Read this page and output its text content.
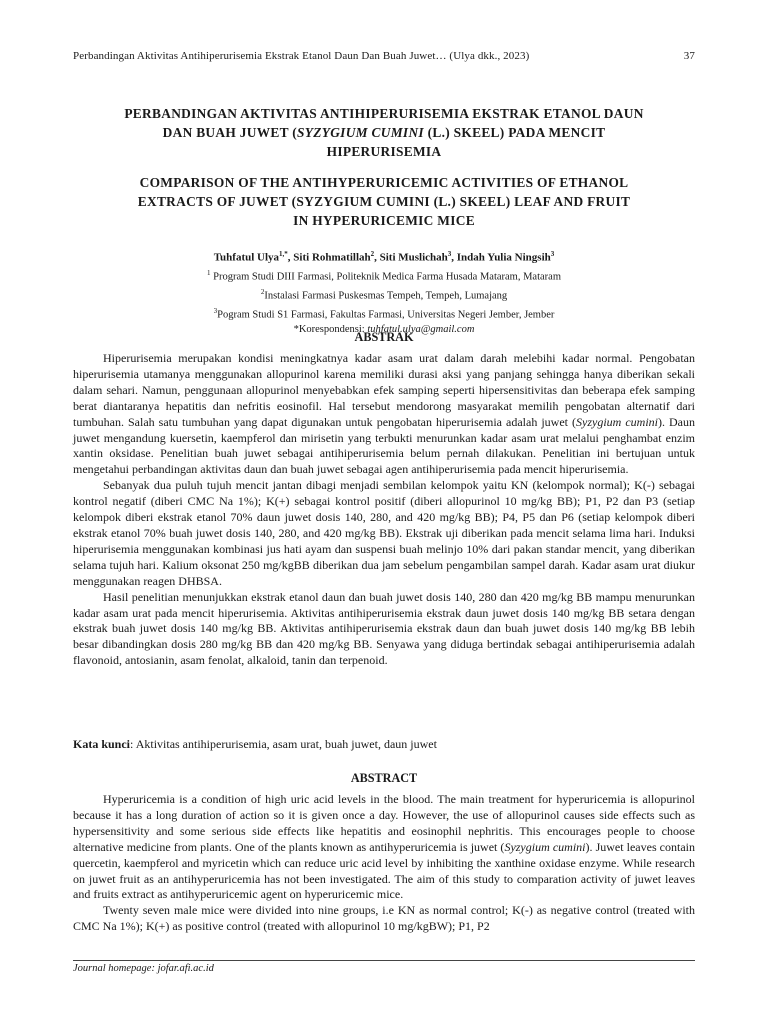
Perbandingan Aktivitas Antihiperurisemia Ekstrak Etanol Daun Dan Buah Juwet… (Ulya dkk., 2023)	37

PERBANDINGAN AKTIVITAS ANTIHIPERURISEMIA EKSTRAK ETANOL DAUN
DAN BUAH JUWET (SYZYGIUM CUMINI (L.) SKEEL) PADA MENCIT
HIPERURISEMIA

COMPARISON OF THE ANTIHYPERURICEMIC ACTIVITIES OF ETHANOL
EXTRACTS OF JUWET (SYZYGIUM CUMINI (L.) SKEEL) LEAF AND FRUIT
IN HYPERURICEMIC MICE

Tuhfatul Ulya$^{1,*}$, Siti Rohmatillah$^2$, Siti Muslichah$^3$, Indah Yulia Ningsih$^3$
$^1$ Program Studi DIII Farmasi, Politeknik Medica Farma Husada Mataram, Mataram
$^2$Instalasi Farmasi Puskesmas Tempeh, Tempeh, Lumajang
$^3$Pogram Studi S1 Farmasi, Fakultas Farmasi, Universitas Negeri Jember, Jember
*Korespondensi: tuhfatul.ulya@gmail.com

ABSTRAK

Hiperurisemia merupakan kondisi meningkatnya kadar asam urat dalam darah melebihi kadar normal. Pengobatan hiperurisemia utamanya menggunakan allopurinol karena memiliki durasi aksi yang panjang sehingga hanya diberikan sekali dalam sehari. Namun, penggunaan allopurinol menyebabkan efek samping seperti hipersensitivitas dan beberapa efek samping berat diantaranya hepatitis dan nefritis eosinofil. Hal tersebut mendorong masyarakat memilih pengobatan alternatif dari tumbuhan. Salah satu tumbuhan yang dapat digunakan untuk pengobatan hiperurisemia adalah juwet (Syzygium cumini). Daun juwet mengandung kuersetin, kaempferol dan mirisetin yang terbukti menurunkan kadar asam urat melalui penghambat enzim xantin oksidase. Penelitian buah juwet sebagai antihiperurisemia belum pernah dilakukan. Penelitian ini bertujuan untuk mengetahui perbandingan aktivitas daun dan buah juwet sebagai agen antihiperurisemia pada mencit hiperurisemia.

Sebanyak dua puluh tujuh mencit jantan dibagi menjadi sembilan kelompok yaitu KN (kelompok normal); K(-) sebagai kontrol negatif (diberi CMC Na 1%); K(+) sebagai kontrol positif (diberi allopurinol 10 mg/kg BB); P1, P2 dan P3 (setiap kelompok diberi ekstrak etanol 70% daun juwet dosis 140, 280, and 420 mg/kg BB); P4, P5 dan P6 (setiap kelompok diberi ekstrak etanol 70% buah juwet dosis 140, 280, and 420 mg/kg BB). Ekstrak uji diberikan pada mencit selama lima hari. Induksi hiperurisemia menggunakan kombinasi jus hati ayam dan suspensi buah melinjo 10% dari pakan standar mencit, yang diberikan selama tujuh hari. Kalium oksonat 250 mg/kgBB diberikan dua jam sebelum pengambilan sampel darah. Kadar asam urat diukur menggunakan reagen DHBSA.

Hasil penelitian menunjukkan ekstrak etanol daun dan buah juwet dosis 140, 280 dan 420 mg/kg BB mampu menurunkan kadar asam urat pada mencit hiperurisemia. Aktivitas antihiperurisemia ekstrak daun juwet dosis 140 mg/kg BB setara dengan ekstrak buah juwet dosis 140 mg/kg BB. Aktivitas antihiperurisemia ekstrak daun dan buah juwet dosis 140 mg/kg BB lebih besar dibandingkan dosis 280 mg/kg BB dan 420 mg/kg BB. Senyawa yang diduga bertindak sebagai antihiperurisemia adalah flavonoid, antosianin, asam fenolat, alkaloid, tanin dan terpenoid.

Kata kunci: Aktivitas antihiperurisemia, asam urat, buah juwet, daun juwet

ABSTRACT

Hyperuricemia is a condition of high uric acid levels in the blood. The main treatment for hyperuricemia is allopurinol because it has a long duration of action so it is given once a day. However, the use of allopurinol causes side effects such as hypersensitivity and some serious side effects like hepatitis and eosinophil nephritis. This encourages people to choose alternative medicine from plants. One of the plants known as antihyperuricemia is juwet (Syzygium cumini). Juwet leaves contain quercetin, kaempferol and myricetin which can reduce uric acid level by inhibiting the xanthine oxidase enzyme. While research on juwet fruit as an antihyperuricemia has not been investigated. The aim of this study to comparation activity of juwet leaves and fruits extract as antihyperuricemic agent on hyperuricemic mice.

Twenty seven male mice were divided into nine groups, i.e KN as normal control; K(-) as negative control (treated with CMC Na 1%); K(+) as positive control (treated with allopurinol 10 mg/kgBW); P1, P2

Journal homepage: jofar.afi.ac.id
